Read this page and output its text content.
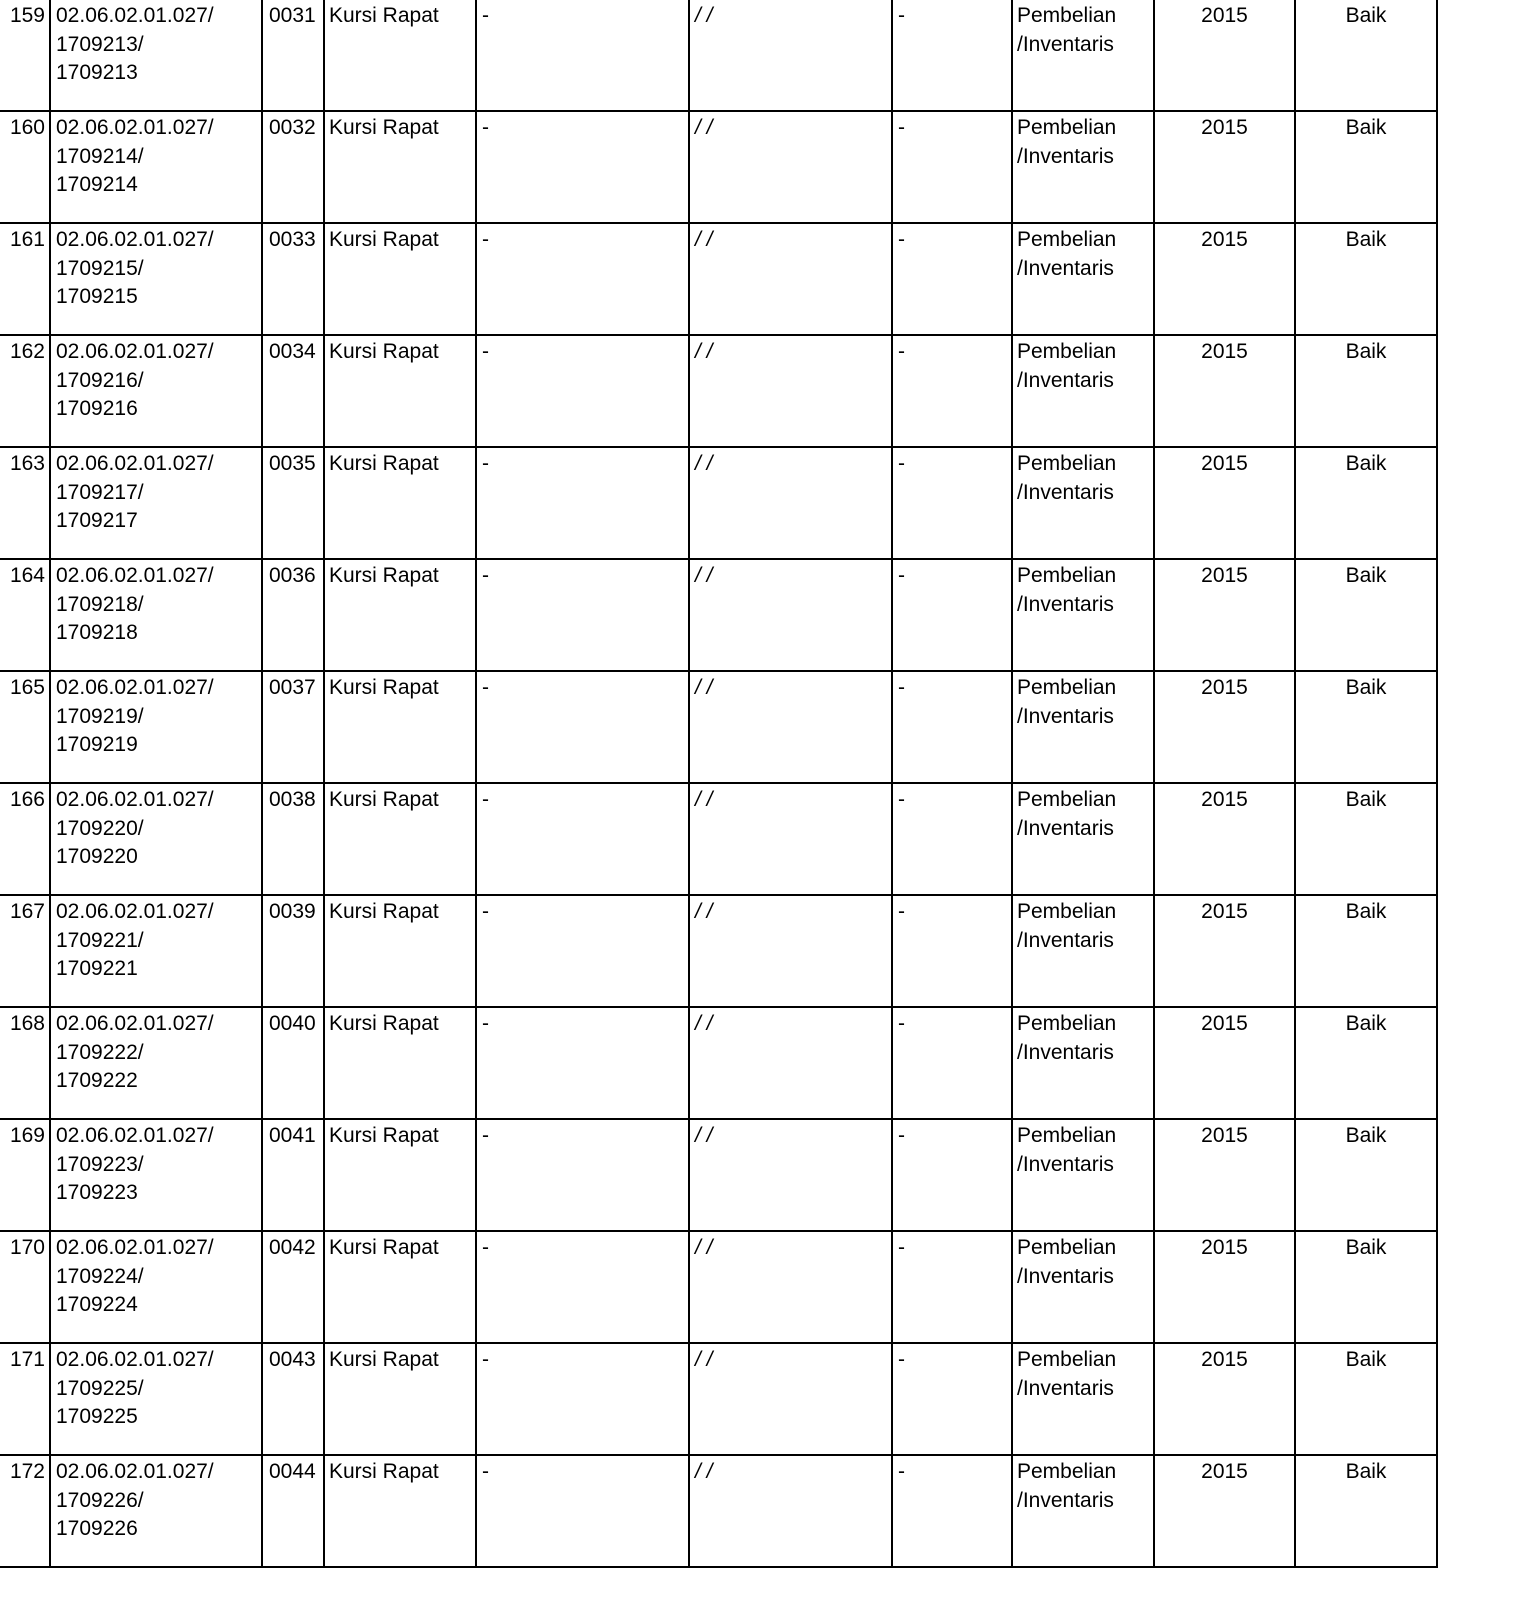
159	02.06.02.01.027/
1709213/
1709213	0031	Kursi Rapat	-	/ /	-	Pembelian
/Inventaris	2015	Baik

160	02.06.02.01.027/
1709214/
1709214	0032	Kursi Rapat	-	/ /	-	Pembelian
/Inventaris	2015	Baik

161	02.06.02.01.027/
1709215/
1709215	0033	Kursi Rapat	-	/ /	-	Pembelian
/Inventaris	2015	Baik

162	02.06.02.01.027/
1709216/
1709216	0034	Kursi Rapat	-	/ /	-	Pembelian
/Inventaris	2015	Baik

163	02.06.02.01.027/
1709217/
1709217	0035	Kursi Rapat	-	/ /	-	Pembelian
/Inventaris	2015	Baik

164	02.06.02.01.027/
1709218/
1709218	0036	Kursi Rapat	-	/ /	-	Pembelian
/Inventaris	2015	Baik

165	02.06.02.01.027/
1709219/
1709219	0037	Kursi Rapat	-	/ /	-	Pembelian
/Inventaris	2015	Baik

166	02.06.02.01.027/
1709220/
1709220	0038	Kursi Rapat	-	/ /	-	Pembelian
/Inventaris	2015	Baik

167	02.06.02.01.027/
1709221/
1709221	0039	Kursi Rapat	-	/ /	-	Pembelian
/Inventaris	2015	Baik

168	02.06.02.01.027/
1709222/
1709222	0040	Kursi Rapat	-	/ /	-	Pembelian
/Inventaris	2015	Baik

169	02.06.02.01.027/
1709223/
1709223	0041	Kursi Rapat	-	/ /	-	Pembelian
/Inventaris	2015	Baik

170	02.06.02.01.027/
1709224/
1709224	0042	Kursi Rapat	-	/ /	-	Pembelian
/Inventaris	2015	Baik

171	02.06.02.01.027/
1709225/
1709225	0043	Kursi Rapat	-	/ /	-	Pembelian
/Inventaris	2015	Baik

172	02.06.02.01.027/
1709226/
1709226	0044	Kursi Rapat	-	/ /	-	Pembelian
/Inventaris	2015	Baik
